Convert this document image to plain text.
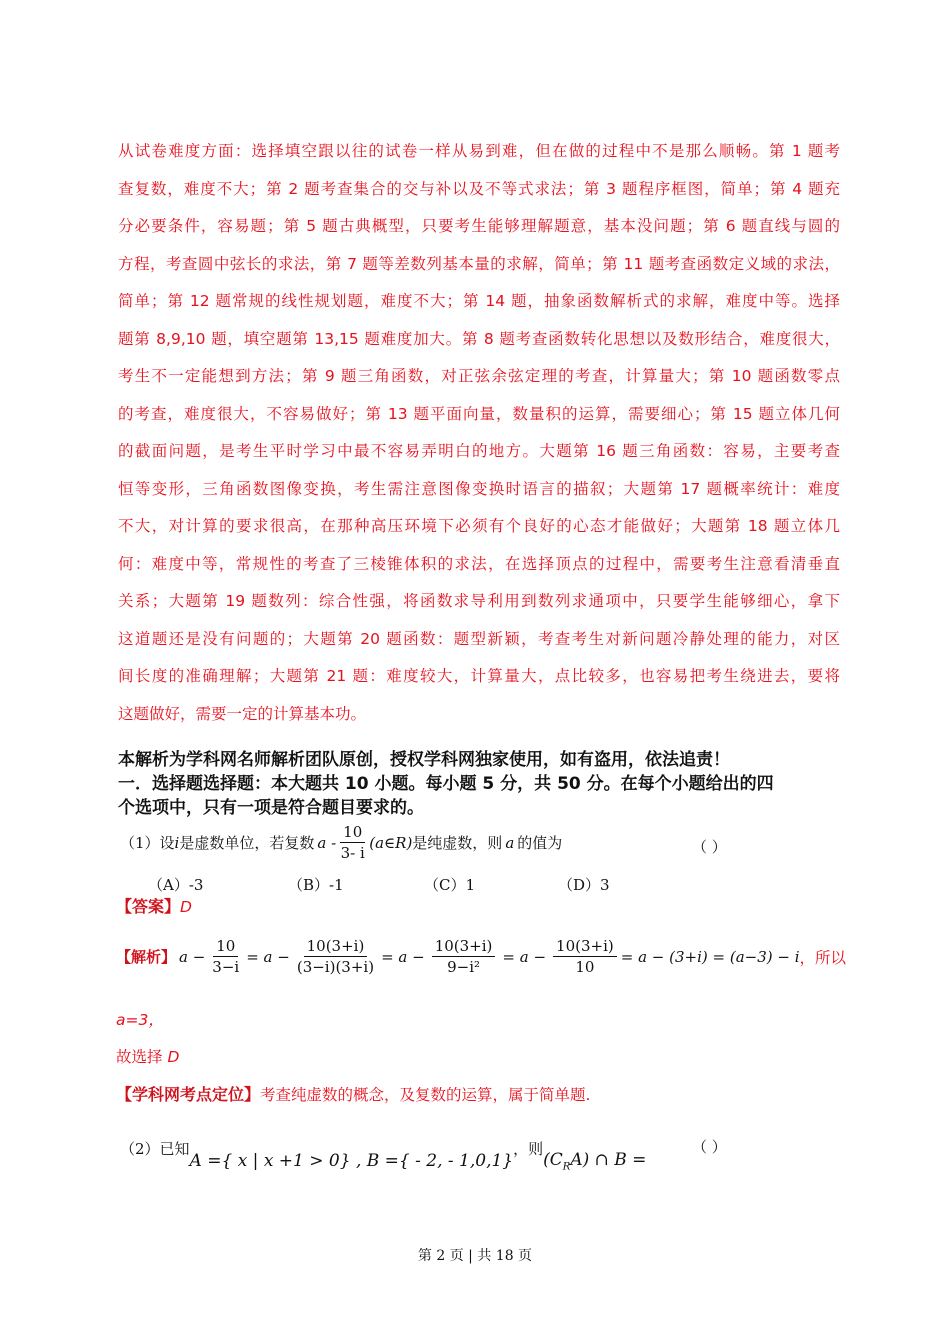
从试卷难度方面：选择填空跟以往的试卷一样从易到难，但在做的过程中不是那么顺畅。第 1 题考
查复数，难度不大；第 2 题考查集合的交与补以及不等式求法；第 3 题程序框图，简单；第 4 题充
分必要条件，容易题；第 5 题古典概型，只要考生能够理解题意，基本没问题；第 6 题直线与圆的
方程，考查圆中弦长的求法，第 7 题等差数列基本量的求解，简单；第 11 题考查函数定义域的求法，
简单；第 12 题常规的线性规划题，难度不大；第 14 题，抽象函数解析式的求解，难度中等。选择
题第 8,9,10 题，填空题第 13,15 题难度加大。第 8 题考查函数转化思想以及数形结合，难度很大，
考生不一定能想到方法；第 9 题三角函数，对正弦余弦定理的考查，计算量大；第 10 题函数零点
的考查，难度很大，不容易做好；第 13 题平面向量，数量积的运算，需要细心；第 15 题立体几何
的截面问题，是考生平时学习中最不容易弄明白的地方。大题第 16 题三角函数：容易，主要考查
恒等变形，三角函数图像变换，考生需注意图像变换时语言的描叙；大题第 17 题概率统计：难度
不大，对计算的要求很高，在那种高压环境下必须有个良好的心态才能做好；大题第 18 题立体几
何：难度中等，常规性的考查了三棱锥体积的求法，在选择顶点的过程中，需要考生注意看清垂直
关系；大题第 19 题数列：综合性强，将函数求导利用到数列求通项中，只要学生能够细心，拿下
这道题还是没有问题的；大题第 20 题函数：题型新颖，考查考生对新问题冷静处理的能力，对区
间长度的准确理解；大题第 21 题：难度较大，计算量大，点比较多，也容易把考生绕进去，要将
这题做好，需要一定的计算基本功。
本解析为学科网名师解析团队原创，授权学科网独家使用，如有盗用，依法追责！
一．选择题选择题：本大题共 10 小题。每小题 5 分，共 50 分。在每个小题给出的四
个选项中，只有一项是符合题目要求的。
（1）设 i 是虚数单位，若复数 a - $\frac{10}{3- i}$ (a∈R) 是纯虚数，则 a 的值为	（ ）
（A）-3	（B）-1	（C）1	（D）3
【答案】D
【解析】 $a - \frac{10}{3-i} = a - \frac{10(3+i)}{(3-i)(3+i)} = a - \frac{10(3+i)}{\text{9−i²}} = a - \frac{10(3+i)}{10} = a - (3+i) = (a-3) - i$ ，所以
a=3，
故选择 D
【学科网考点定位】考查纯虚数的概念，及复数的运算，属于简单题.
（2）已知
A ={ x | x +1 > 0} , B ={ - 2, - 1,0,1}
，则
$(C_RA)$ ∩ B =
（ ）
第 2 页 | 共 18 页
